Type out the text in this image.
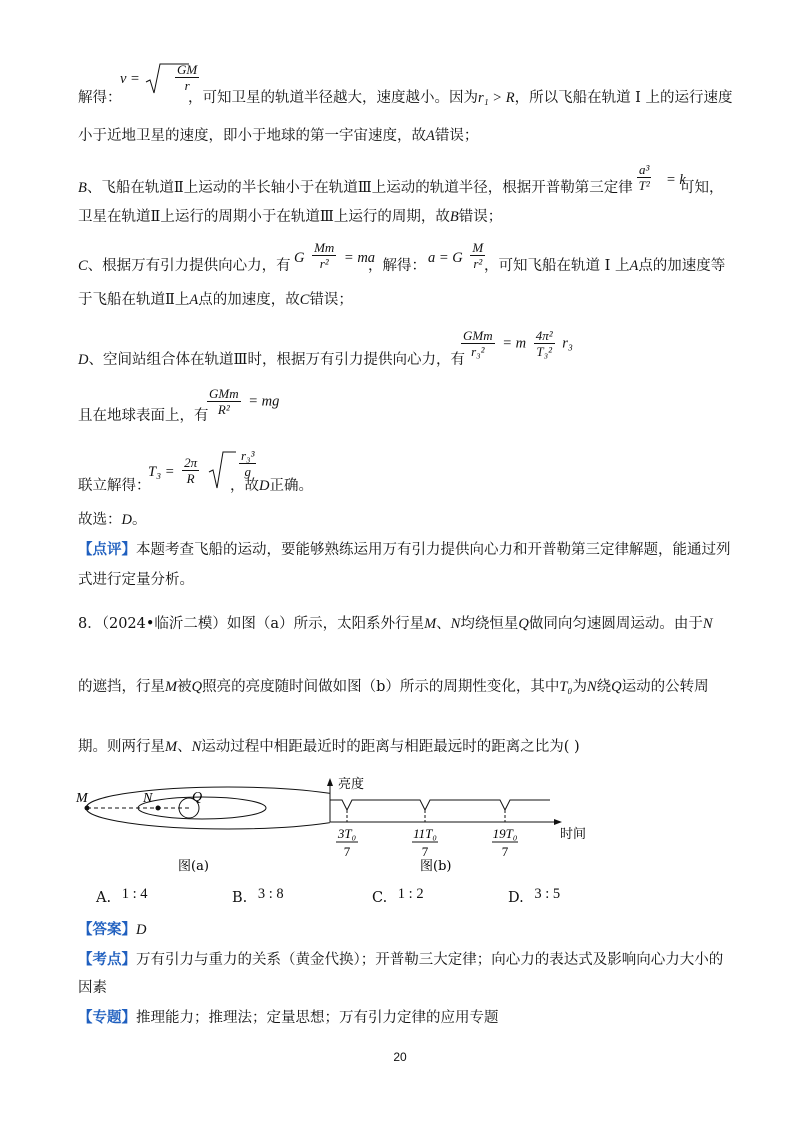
解得：
v =	$\frac{GM}{r}$
，可知卫星的轨道半径越大，速度越小。因为r₁ > R，所以飞船在轨道 I 上的运行速度
小于近地卫星的速度，即小于地球的第一宇宙速度，故A错误；
B、飞船在轨道Ⅱ上运动的半长轴小于在轨道Ⅲ上运动的轨道半径，根据开普勒第三定律 $\frac{\text{a³}}{\text{T²}} = k$
可知，
卫星在轨道Ⅱ上运行的周期小于在轨道Ⅲ上运行的周期，故B错误；
C、根据万有引力提供向心力，有
G $\frac{Mm}{\text{r²}}$ = ma
，解得：
a = G $\frac{M}{\text{r²}}$
，可知飞船在轨道 I 上A点的加速度等
于飞船在轨道Ⅱ上A点的加速度，故C错误；
D、空间站组合体在轨道Ⅲ时，根据万有引力提供向心力，有
$\frac{\text{GMm}}{\text{r₃²}} = m \frac{\text{4π²}}{\text{T₃²}} r_3$
且在地球表面上，有
$\frac{\text{GMm}}{\text{R²}}$ = mg
联立解得：
$T_3 = \frac{2\pi}{R}$
	$\frac{\text{r₃³}}{g}$
，故D正确。
故选：D。
【点评】本题考查飞船的运动，要能够熟练运用万有引力提供向心力和开普勒第三定律解题，能通过列
式进行定量分析。
8．（2024•临沂二模）如图（a）所示，太阳系外行星M、N均绕恒星Q做同向匀速圆周运动。由于N
的遮挡，行星M被Q照亮的亮度随时间做如图（b）所示的周期性变化，其中T₀为N绕Q运动的公转周
期。则两行星M、N运动过程中相距最近时的距离与相距最远时的距离之比为( )
M	N	Q
图(a)
亮度
时间
3T₀
7
11T₀
7
19T₀
7
图(b)
A. 1 : 4	B. 3 : 8	C. 1 : 2	D. 3 : 5
【答案】D
【考点】万有引力与重力的关系（黄金代换）；开普勒三大定律；向心力的表达式及影响向心力大小的
因素
【专题】推理能力；推理法；定量思想；万有引力定律的应用专题
20
